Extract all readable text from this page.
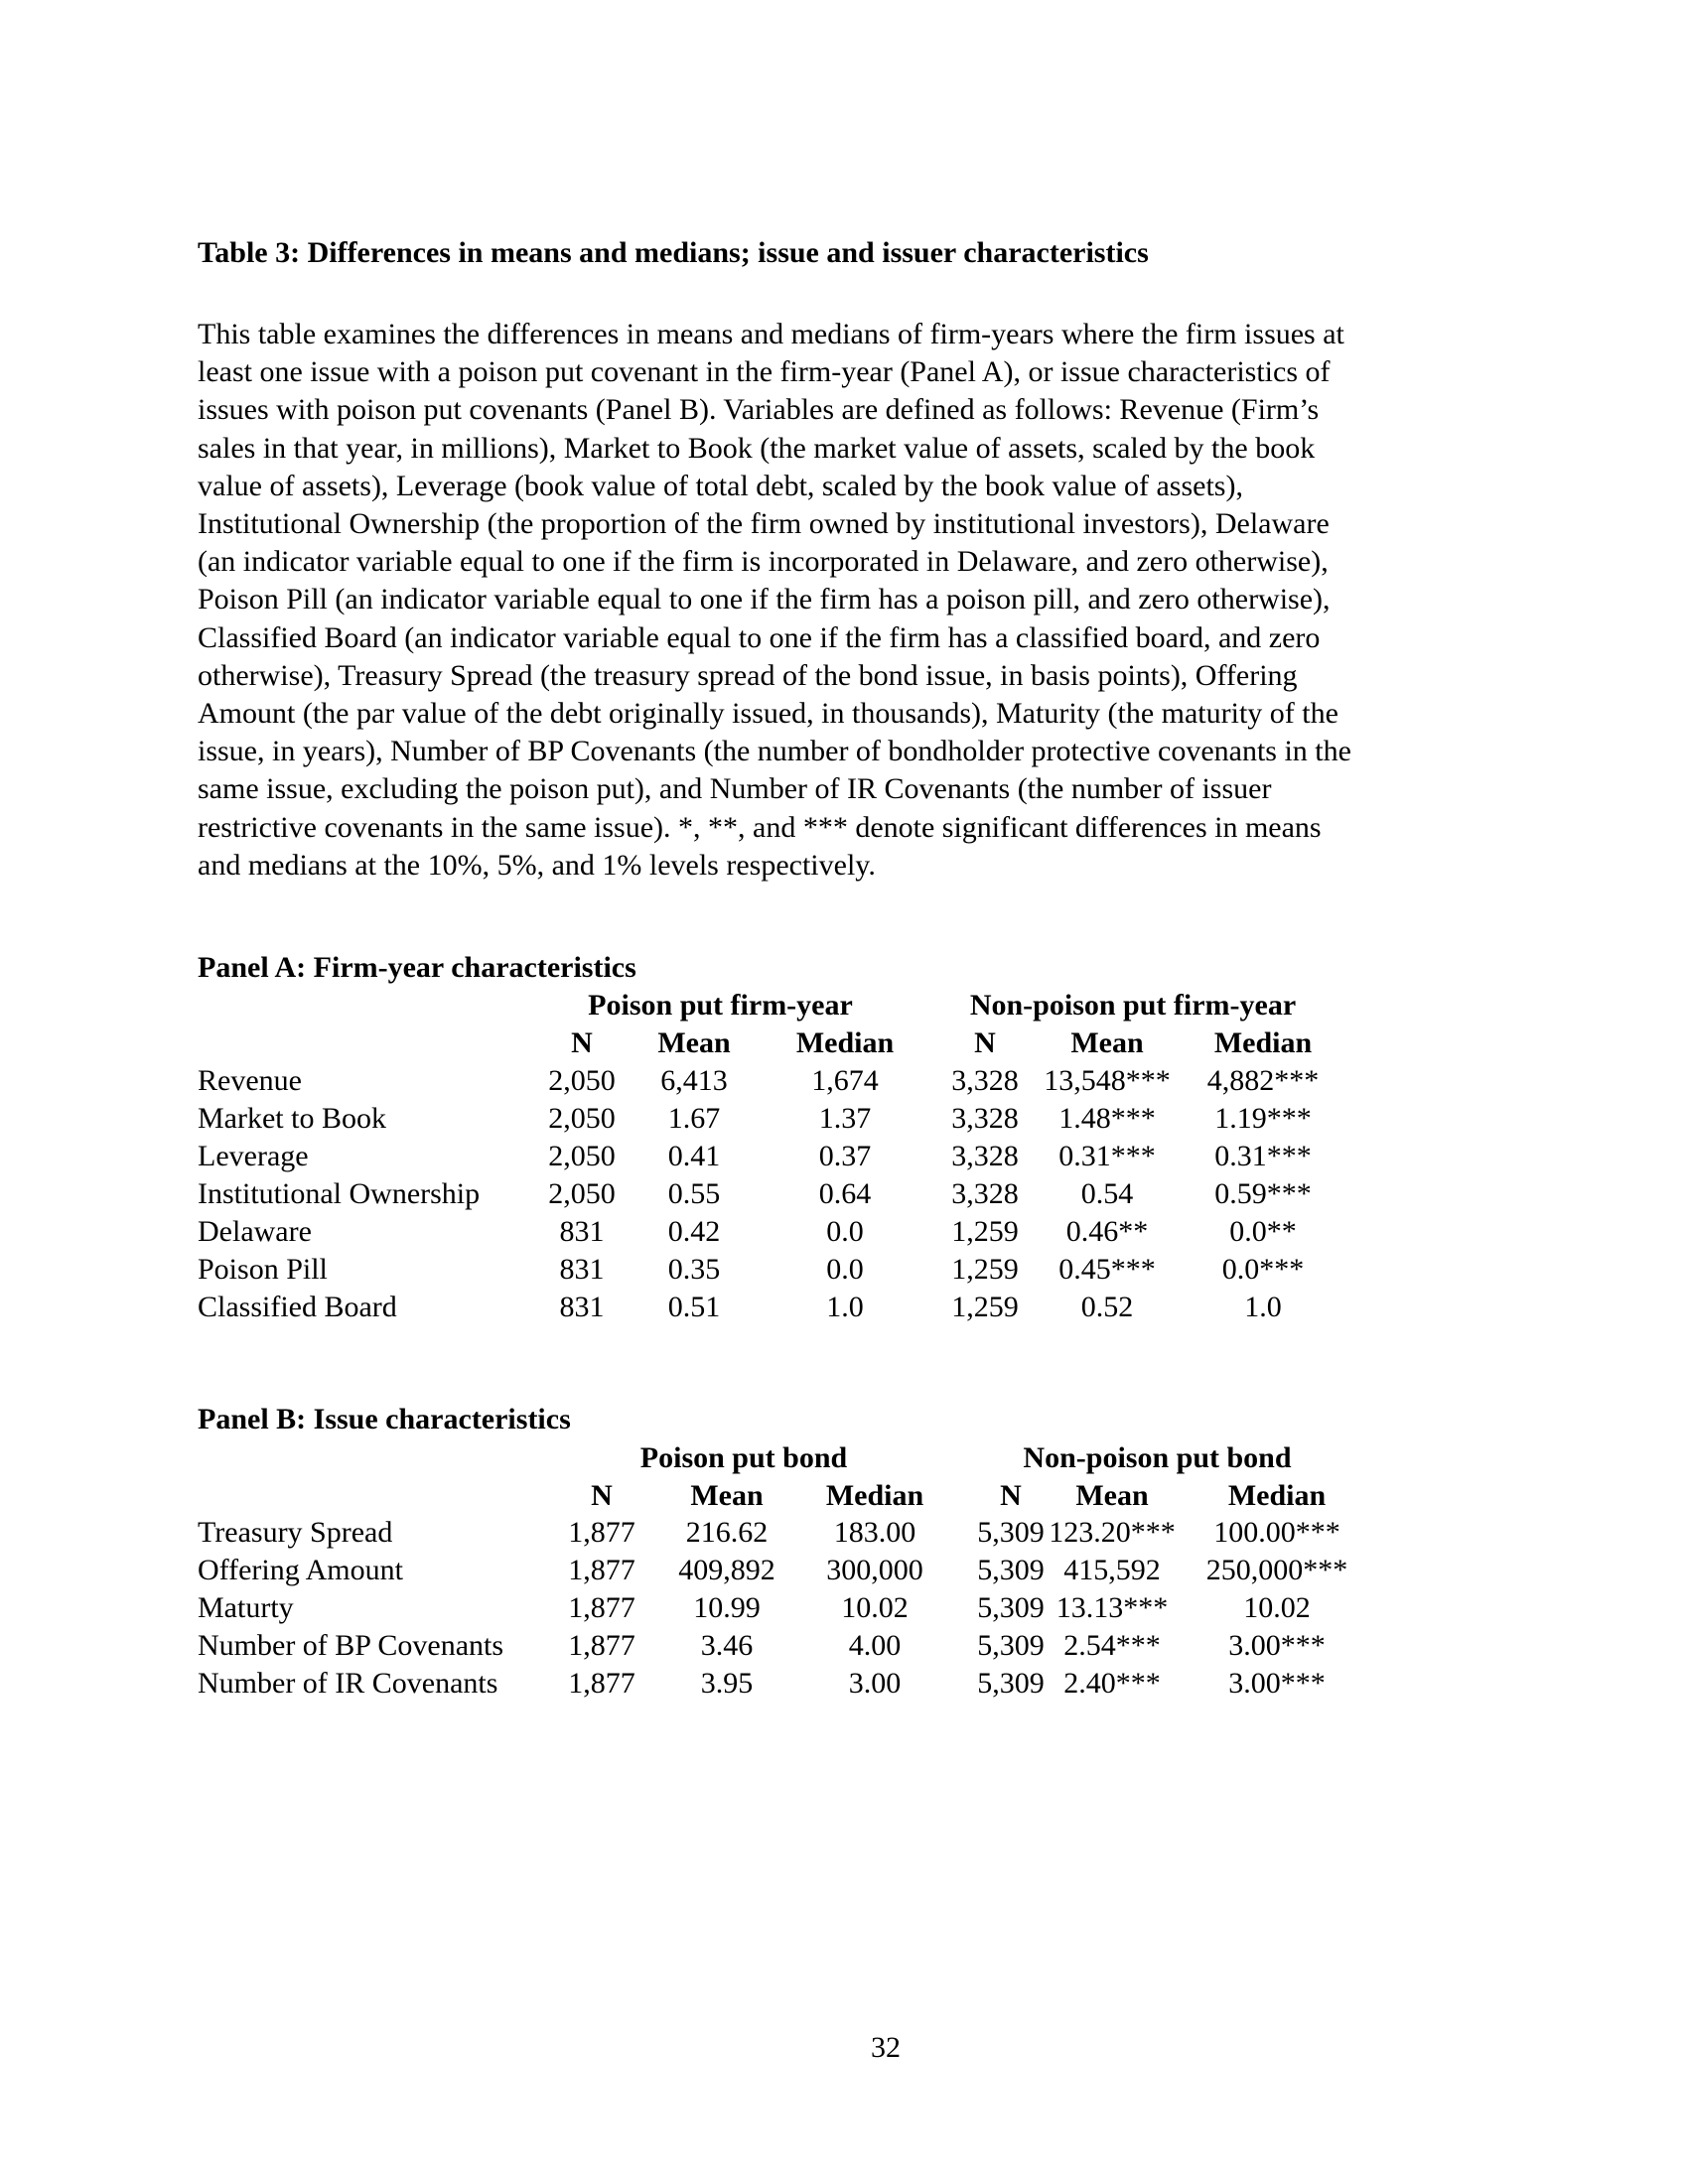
Table 3: Differences in means and medians; issue and issuer characteristics
This table examines the differences in means and medians of firm-years where the firm issues at
least one issue with a poison put covenant in the firm-year (Panel A), or issue characteristics of
issues with poison put covenants (Panel B). Variables are defined as follows: Revenue (Firm’s
sales in that year, in millions), Market to Book (the market value of assets, scaled by the book
value of assets), Leverage (book value of total debt, scaled by the book value of assets),
Institutional Ownership (the proportion of the firm owned by institutional investors), Delaware
(an indicator variable equal to one if the firm is incorporated in Delaware, and zero otherwise),
Poison Pill (an indicator variable equal to one if the firm has a poison pill, and zero otherwise),
Classified Board (an indicator variable equal to one if the firm has a classified board, and zero
otherwise), Treasury Spread (the treasury spread of the bond issue, in basis points), Offering
Amount (the par value of the debt originally issued, in thousands), Maturity (the maturity of the
issue, in years), Number of BP Covenants (the number of bondholder protective covenants in the
same issue, excluding the poison put), and Number of IR Covenants (the number of issuer
restrictive covenants in the same issue). *, **, and *** denote significant differences in means
and medians at the 10%, 5%, and 1% levels respectively.
Panel A: Firm-year characteristics
Poison put firm-year	Non-poison put firm-year
N	Mean	Median	N	Mean	Median
Revenue	2,050	6,413	1,674	3,328 13,548***	4,882***
Market to Book	2,050	1.67	1.37	3,328	1.48***	1.19***
Leverage	2,050	0.41	0.37	3,328	0.31***	0.31***
Institutional Ownership	2,050	0.55	0.64	3,328	0.54	0.59***
Delaware	831	0.42	0.0	1,259	0.46**	0.0**
Poison Pill	831	0.35	0.0	1,259	0.45***	0.0***
Classified Board	831	0.51	1.0	1,259	0.52	1.0
Panel B: Issue characteristics
Poison put bond	Non-poison put bond
N	Mean	Median	N	Mean	Median
Treasury Spread	1,877	216.62	183.00	5,309 123.20***	100.00***
Offering Amount	1,877	409,892	300,000	5,309 415,592	250,000***
Maturty	1,877	10.99	10.02	5,309 13.13***	10.02
Number of BP Covenants	1,877	3.46	4.00	5,309 2.54***	3.00***
Number of IR Covenants	1,877	3.95	3.00	5,309 2.40***	3.00***
32
